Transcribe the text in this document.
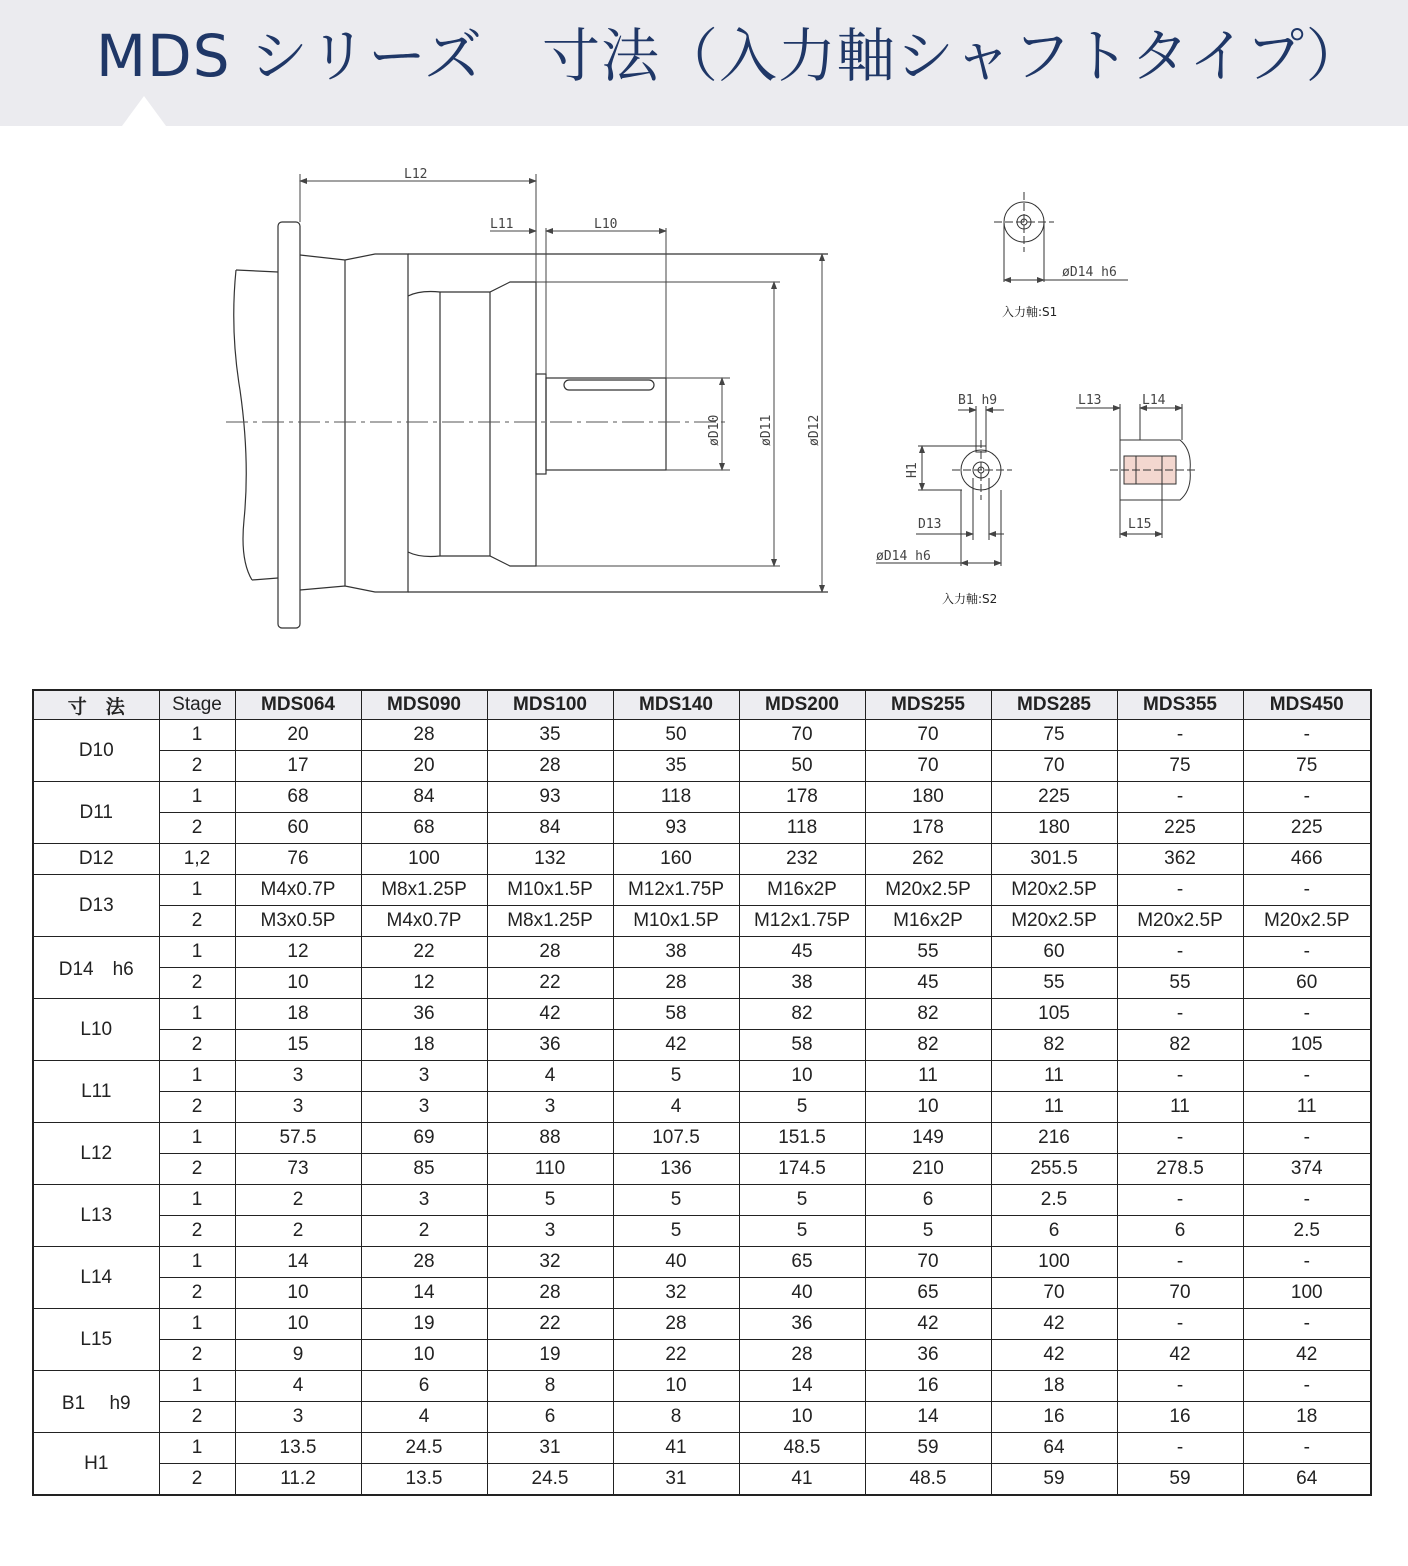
MDS シリーズ　寸法（入力軸シャフトタイプ）
L12
L11	L10
øD10	øD11	øD12
øD14 h6
入力軸:S1
B1 h9
H1
D13
øD14 h6
入力軸:S2
L13	L14
L15
寸　法	Stage	MDS064	MDS090	MDS100	MDS140	MDS200	MDS255	MDS285	MDS355	MDS450
D10	1	20	28	35	50	70	70	75	-	-
	2	17	20	28	35	50	70	70	75	75
D11	1	68	84	93	118	178	180	225	-	-
	2	60	68	84	93	118	178	180	225	225
D12	1,2	76	100	132	160	232	262	301.5	362	466
D13	1	M4x0.7P	M8x1.25P	M10x1.5P	M12x1.75P	M16x2P	M20x2.5P	M20x2.5P	-	-
	2	M3x0.5P	M4x0.7P	M8x1.25P	M10x1.5P	M12x1.75P	M16x2P	M20x2.5P	M20x2.5P	M20x2.5P
D14　h6	1	12	22	28	38	45	55	60	-	-
	2	10	12	22	28	38	45	55	55	60
L10	1	18	36	42	58	82	82	105	-	-
	2	15	18	36	42	58	82	82	82	105
L11	1	3	3	4	5	10	11	11	-	-
	2	3	3	3	4	5	10	11	11	11
L12	1	57.5	69	88	107.5	151.5	149	216	-	-
	2	73	85	110	136	174.5	210	255.5	278.5	374
L13	1	2	3	5	5	5	6	2.5	-	-
	2	2	2	3	5	5	5	6	6	2.5
L14	1	14	28	32	40	65	70	100	-	-
	2	10	14	28	32	40	65	70	70	100
L15	1	10	19	22	28	36	42	42	-	-
	2	9	10	19	22	28	36	42	42	42
B1　 h9	1	4	6	8	10	14	16	18	-	-
	2	3	4	6	8	10	14	16	16	18
H1	1	13.5	24.5	31	41	48.5	59	64	-	-
	2	11.2	13.5	24.5	31	41	48.5	59	59	64
